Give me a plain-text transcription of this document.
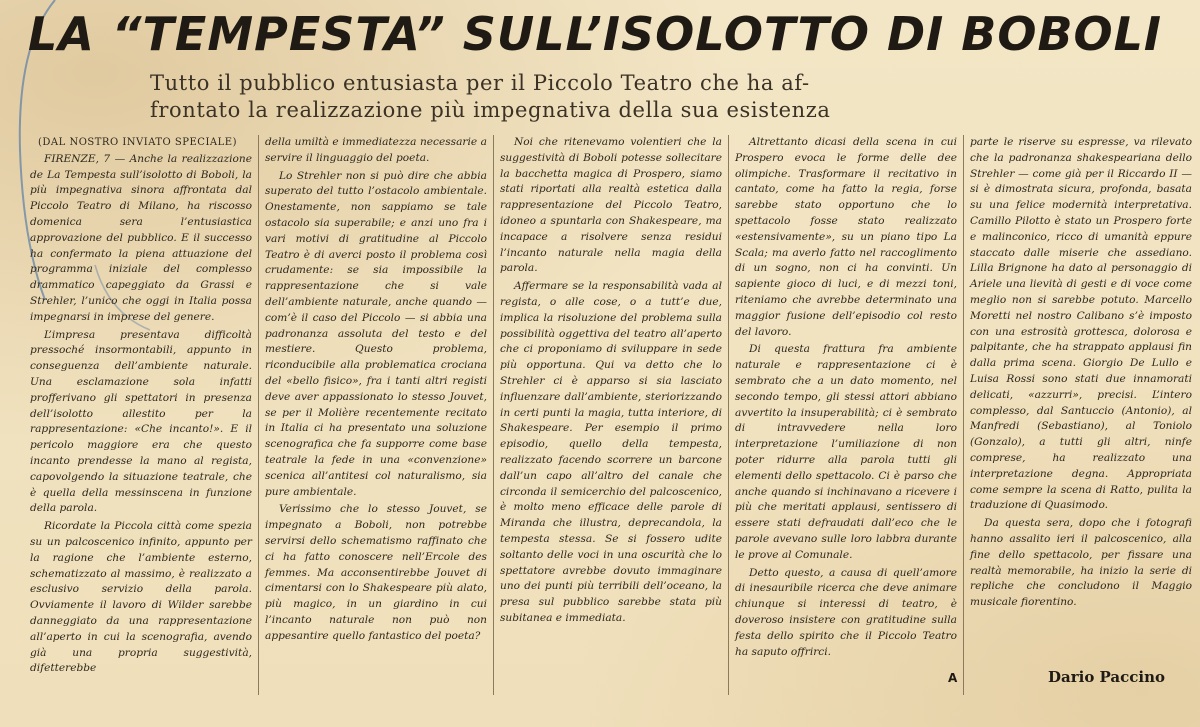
LA “TEMPESTA” SULL’ISOLOTTO DI BOBOLI
Tutto il pubblico entusiasta per il Piccolo Teatro che ha af-
frontato la realizzazione più impegnativa della sua esistenza
(DAL NOSTRO INVIATO SPECIALE)

FIRENZE, 7 — Anche la realizzazione de La Tempesta sull’isolotto di Boboli, la più impegnativa sinora affrontata dal Piccolo Teatro di Milano, ha riscosso domenica sera l’entusiastica approvazione del pubblico. E il successo ha confermato la piena attuazione del programma iniziale del complesso drammatico capeggiato da Grassi e Strehler, l’unico che oggi in Italia possa impegnarsi in imprese del genere.

L’impresa presentava difficoltà pressoché insormontabili, appunto in conseguenza dell’ambiente naturale. Una esclamazione sola infatti profferivano gli spettatori in presenza dell’isolotto allestito per la rappresentazione: «Che incanto!». E il pericolo maggiore era che questo incanto prendesse la mano al regista, capovolgendo la situazione teatrale, che è quella della messinscena in funzione della parola.

Ricordate la Piccola città come spezia su un palcoscenico infinito, appunto per la ragione che l’ambiente esterno, schematizzato al massimo, è realizzato a esclusivo servizio della parola. Ovviamente il lavoro di Wilder sarebbe danneggiato da una rappresentazione all’aperto in cui la scenografia, avendo già una propria suggestività, difetterebbe

della umiltà e immediatezza necessarie a servire il linguaggio del poeta.

Lo Strehler non si può dire che abbia superato del tutto l’ostacolo ambientale. Onestamente, non sappiamo se tale ostacolo sia superabile; e anzi uno fra i vari motivi di gratitudine al Piccolo Teatro è di averci posto il problema così crudamente: se sia impossibile la rappresentazione che si vale dell’ambiente naturale, anche quando — com’è il caso del Piccolo — si abbia una padronanza assoluta del testo e del mestiere. Questo problema, riconducibile alla problematica crociana del «bello fisico», fra i tanti altri registi deve aver appassionato lo stesso Jouvet, se per il Molière recentemente recitato in Italia ci ha presentato una soluzione scenografica che fa supporre come base teatrale la fede in una «convenzione» scenica all’antitesi col naturalismo, sia pure ambientale.

Verissimo che lo stesso Jouvet, se impegnato a Boboli, non potrebbe servirsi dello schematismo raffinato che ci ha fatto conoscere nell’Ercole des femmes. Ma acconsentirebbe Jouvet di cimentarsi con lo Shakespeare più alato, più magico, in un giardino in cui l’incanto naturale non può non appesantire quello fantastico del poeta?

Noi che ritenevamo volentieri che la suggestività di Boboli potesse sollecitare la bacchetta magica di Prospero, siamo stati riportati alla realtà estetica dalla rappresentazione del Piccolo Teatro, idoneo a spuntarla con Shakespeare, ma incapace a risolvere senza residui l’incanto naturale nella magia della parola.

Affermare se la responsabilità vada al regista, o alle cose, o a tutt’e due, implica la risoluzione del problema sulla possibilità oggettiva del teatro all’aperto che ci proponiamo di sviluppare in sede più opportuna. Qui va detto che lo Strehler ci è apparso si sia lasciato influenzare dall’ambiente, steriorizzando in certi punti la magia, tutta interiore, di Shakespeare. Per esempio il primo episodio, quello della tempesta, realizzato facendo scorrere un barcone dall’un capo all’altro del canale che circonda il semicerchio del palcoscenico, è molto meno efficace delle parole di Miranda che illustra, deprecandola, la tempesta stessa. Se si fossero udite soltanto delle voci in una oscurità che lo spettatore avrebbe dovuto immaginare uno dei punti più terribili dell’oceano, la presa sul pubblico sarebbe stata più subitanea e immediata.

Altrettanto dicasi della scena in cui Prospero evoca le forme delle dee olimpiche. Trasformare il recitativo in cantato, come ha fatto la regia, forse sarebbe stato opportuno che lo spettacolo fosse stato realizzato «estensivamente», su un piano tipo La Scala; ma averlo fatto nel raccoglimento di un sogno, non ci ha convinti. Un sapiente gioco di luci, e di mezzi toni, riteniamo che avrebbe determinato una maggior fusione dell’episodio col resto del lavoro.

Di questa frattura fra ambiente naturale e rappresentazione ci è sembrato che a un dato momento, nel secondo tempo, gli stessi attori abbiano avvertito la insuperabilità; ci è sembrato di intravvedere nella loro interpretazione l’umiliazione di non poter ridurre alla parola tutti gli elementi dello spettacolo. Ci è parso che anche quando si inchinavano a ricevere i più che meritati applausi, sentissero di essere stati defraudati dall’eco che le parole avevano sulle loro labbra durante le prove al Comunale.

Detto questo, a causa di quell’amore di inesauribile ricerca che deve animare chiunque si interessi di teatro, è doveroso insistere con gratitudine sulla festa dello spirito che il Piccolo Teatro ha saputo offrirci.

parte le riserve su espresse, va rilevato che la padronanza shakespeariana dello Strehler — come già per il Riccardo II — si è dimostrata sicura, profonda, basata su una felice modernità interpretativa. Camillo Pilotto è stato un Prospero forte e malinconico, ricco di umanità eppure staccato dalle miserie che assediano. Lilla Brignone ha dato al personaggio di Ariele una lievità di gesti e di voce come meglio non si sarebbe potuto. Marcello Moretti nel nostro Calibano s’è imposto con una estrosità grottesca, dolorosa e palpitante, che ha strappato applausi fin dalla prima scena. Giorgio De Lullo e Luisa Rossi sono stati due innamorati delicati, «azzurri», precisi. L’intero complesso, dal Santuccio (Antonio), al Manfredi (Sebastiano), al Toniolo (Gonzalo), a tutti gli altri, ninfe comprese, ha realizzato una interpretazione degna. Appropriata come sempre la scena di Ratto, pulita la traduzione di Quasimodo.

Da questa sera, dopo che i fotografi hanno assalito ieri il palcoscenico, alla fine dello spettacolo, per fissare una realtà memorabile, ha inizio la serie di repliche che concludono il Maggio musicale fiorentino.

A	Dario Paccino
